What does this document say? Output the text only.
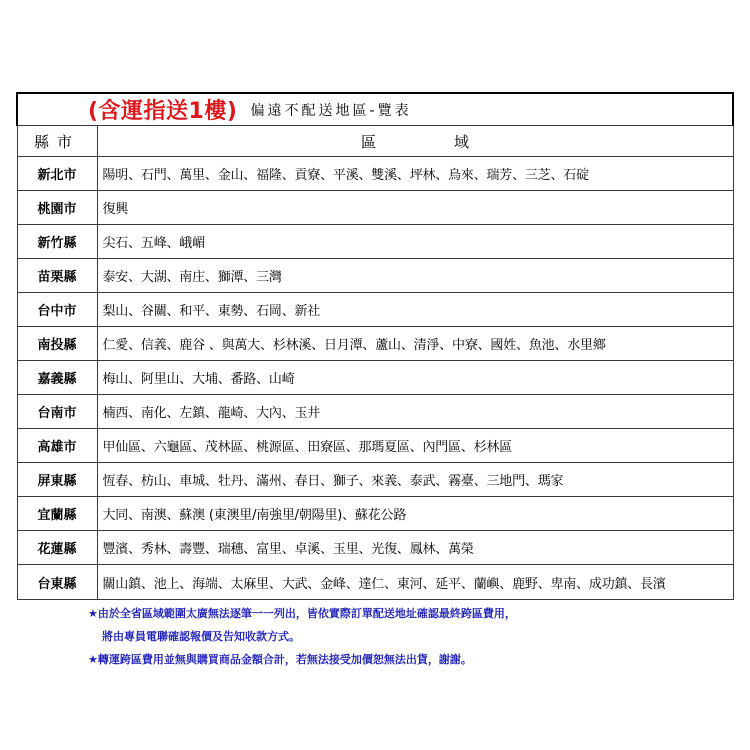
(含運指送1樓) 偏遠不配送地區-覽表	
縣市	區 域
新北市	陽明、石門、萬里、金山、福隆、貢寮、平溪、雙溪、坪林、烏來、瑞芳、三芝、石碇
桃園市	復興
新竹縣	尖石、五峰、峨嵋
苗栗縣	泰安、大湖、南庄、獅潭、三灣
台中市	梨山、谷關、和平、東勢、石岡、新社
南投縣	仁愛、信義、鹿谷 、與萬大、杉林溪、日月潭、蘆山、清淨、中寮、國姓、魚池、水里鄉
嘉義縣	梅山、阿里山、大埔、番路、山崎
台南市	楠西、南化、左鎮、龍崎、大內、玉井
高雄市	甲仙區、六龜區、茂林區、桃源區、田寮區、那瑪夏區、內門區、杉林區
屏東縣	恆春、枋山、車城、牡丹、滿州、春日、獅子、來義、泰武、霧臺、三地門、瑪家
宜蘭縣	大同、南澳、蘇澳 (東澳里/南強里/朝陽里)、蘇花公路
花蓮縣	豐濱、秀林、壽豐、瑞穗、富里、卓溪、玉里、光復、鳳林、萬榮
台東縣	關山鎮、池上、海端、太麻里、大武、金峰、達仁、東河、延平、蘭嶼、鹿野、卑南、成功鎮、長濱
★由於全省區域範圍太廣無法逐筆一一列出，皆依實際訂單配送地址確認最終跨區費用，
將由專員電聯確認報價及告知收款方式。
★轉運跨區費用並無與購買商品金額合計，若無法接受加價恕無法出貨，謝謝。
